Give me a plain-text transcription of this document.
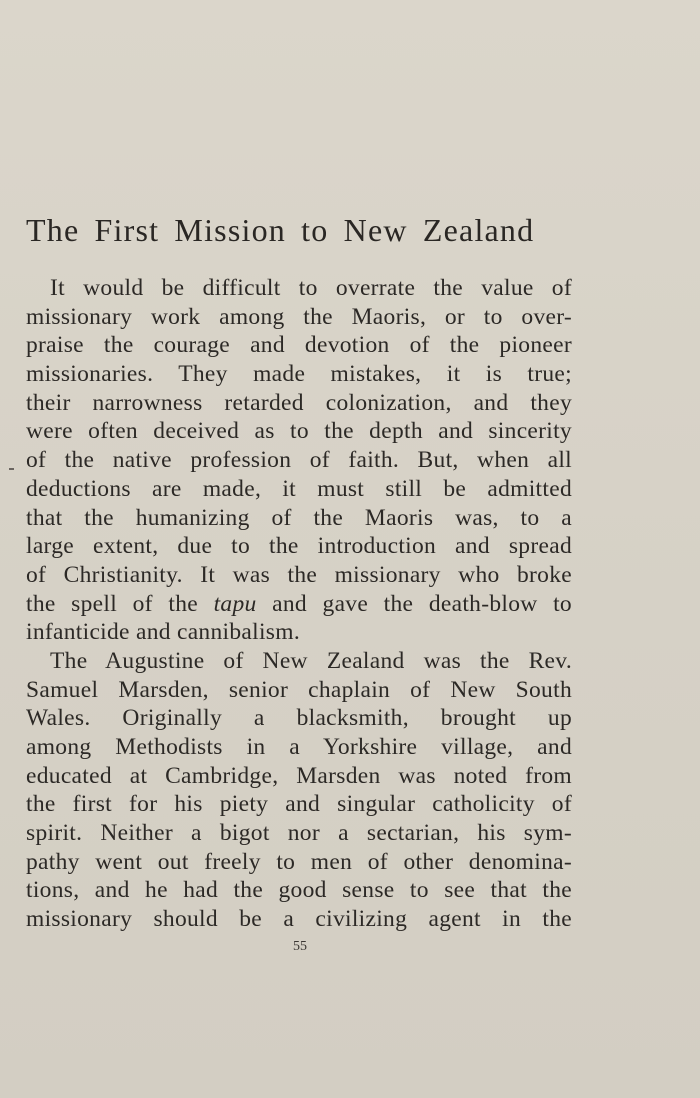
The First Mission to New Zealand
It would be difficult to overrate the value of
missionary work among the Maoris, or to over-
praise the courage and devotion of the pioneer
missionaries. They made mistakes, it is true;
their narrowness retarded colonization, and they
were often deceived as to the depth and sincerity
of the native profession of faith. But, when all
deductions are made, it must still be admitted
that the humanizing of the Maoris was, to a
large extent, due to the introduction and spread
of Christianity. It was the missionary who broke
the spell of the tapu and gave the death-blow to
infanticide and cannibalism.
The Augustine of New Zealand was the Rev.
Samuel Marsden, senior chaplain of New South
Wales. Originally a blacksmith, brought up
among Methodists in a Yorkshire village, and
educated at Cambridge, Marsden was noted from
the first for his piety and singular catholicity of
spirit. Neither a bigot nor a sectarian, his sym-
pathy went out freely to men of other denomina-
tions, and he had the good sense to see that the
missionary should be a civilizing agent in the
55
